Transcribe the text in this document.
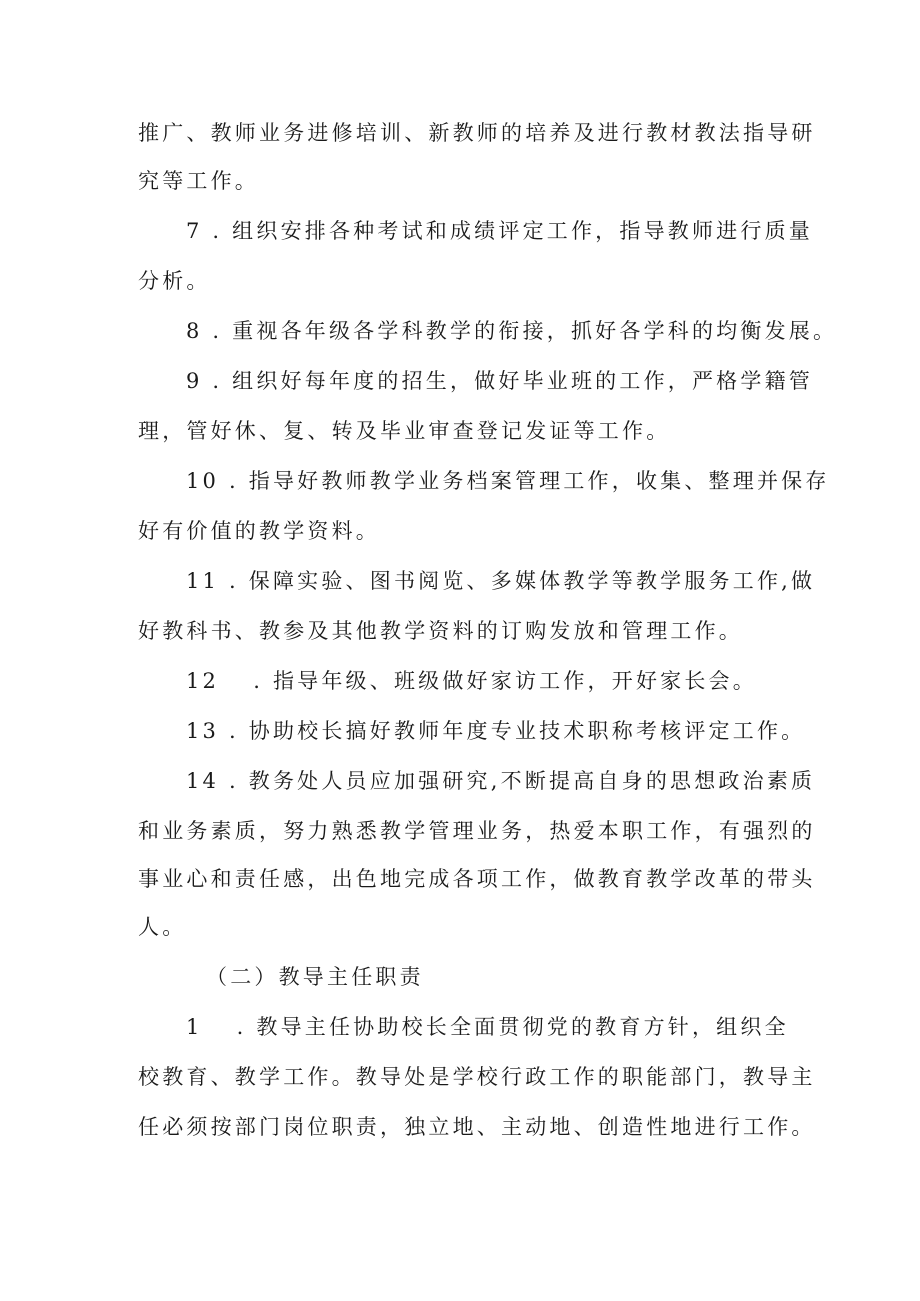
推广、教师业务进修培训、新教师的培养及进行教材教法指导研
究等工作。
7 . 组织安排各种考试和成绩评定工作，指导教师进行质量
分析。
8 . 重视各年级各学科教学的衔接，抓好各学科的均衡发展。
9 . 组织好每年度的招生，做好毕业班的工作，严格学籍管
理，管好休、复、转及毕业审查登记发证等工作。
10 . 指导好教师教学业务档案管理工作，收集、整理并保存
好有价值的教学资料。
11 . 保障实验、图书阅览、多媒体教学等教学服务工作,做
好教科书、教参及其他教学资料的订购发放和管理工作。
12　 . 指导年级、班级做好家访工作，开好家长会。
13 . 协助校长搞好教师年度专业技术职称考核评定工作。
14 . 教务处人员应加强研究,不断提高自身的思想政治素质
和业务素质，努力熟悉教学管理业务，热爱本职工作，有强烈的
事业心和责任感，出色地完成各项工作，做教育教学改革的带头
人。
（二）教导主任职责
1　 . 教导主任协助校长全面贯彻党的教育方针，组织全
校教育、教学工作。教导处是学校行政工作的职能部门，教导主
任必须按部门岗位职责，独立地、主动地、创造性地进行工作。
